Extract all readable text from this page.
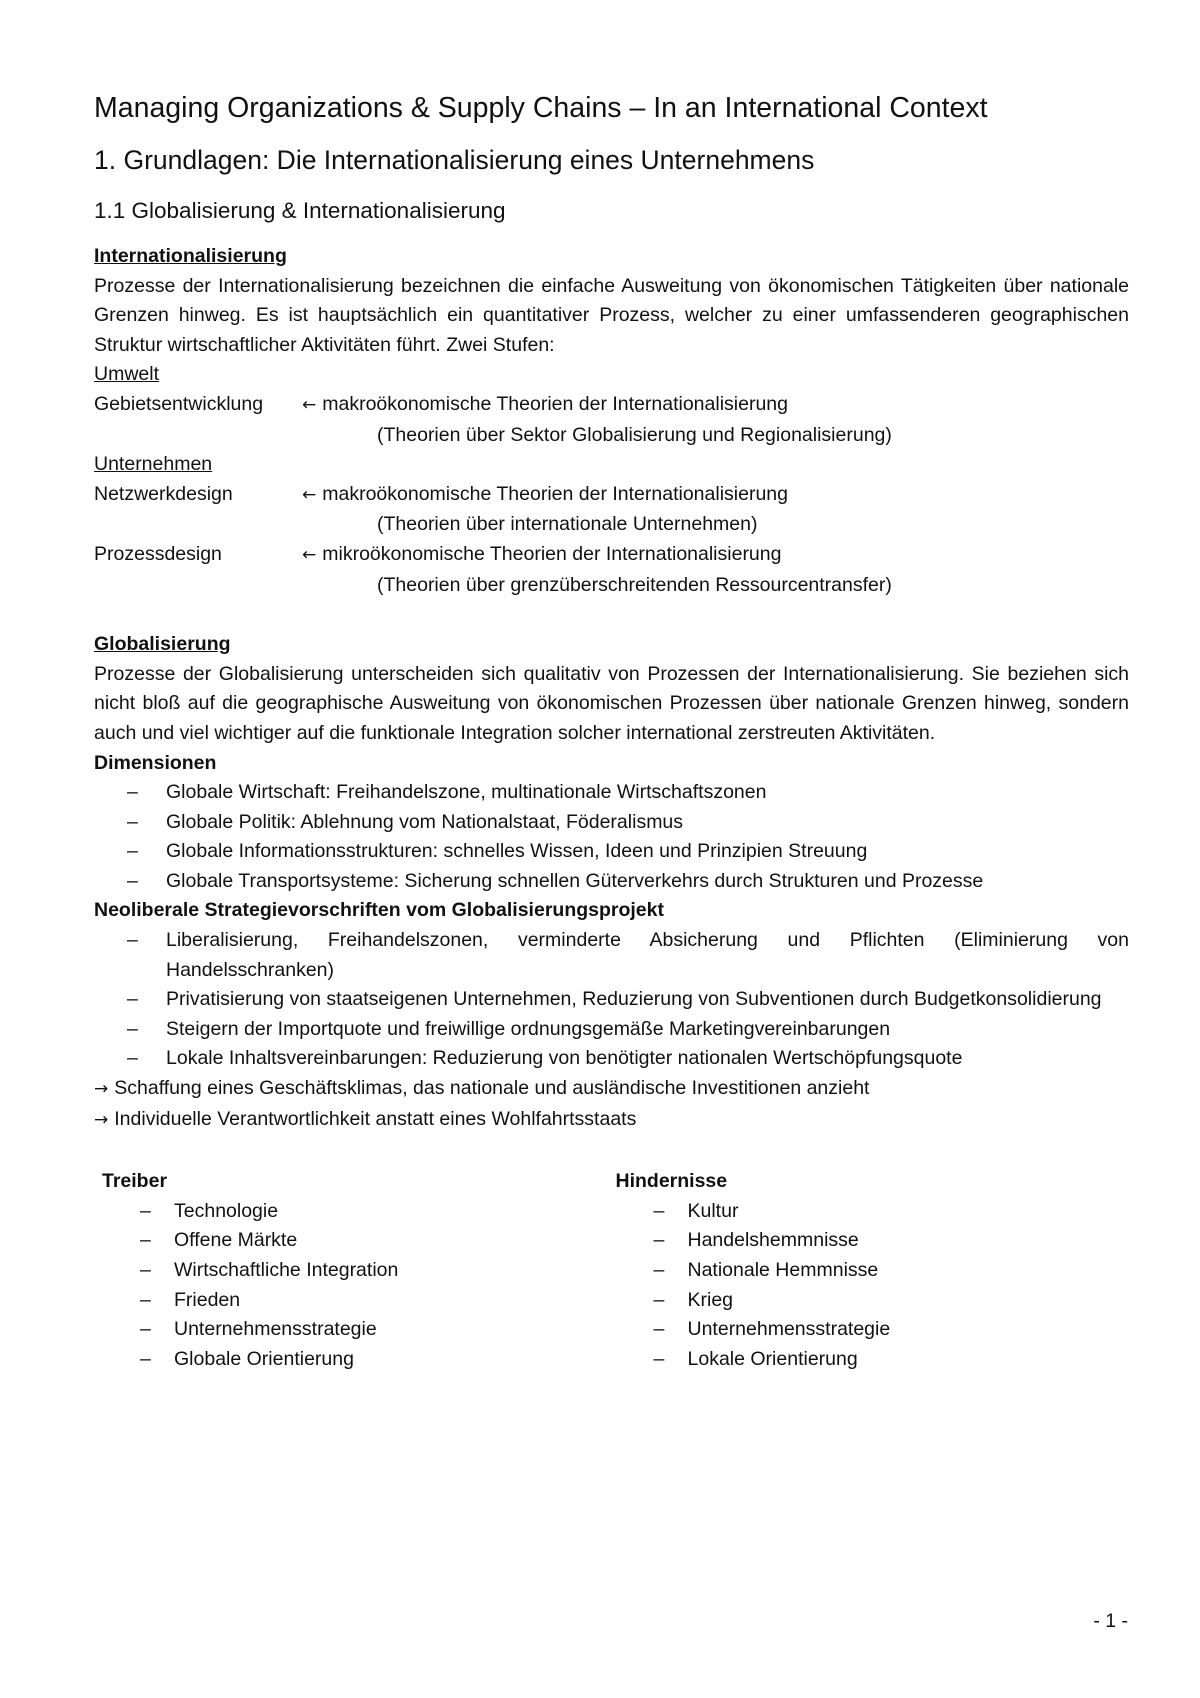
Managing Organizations & Supply Chains – In an International Context
1. Grundlagen: Die Internationalisierung eines Unternehmens
1.1 Globalisierung & Internationalisierung
Internationalisierung
Prozesse der Internationalisierung bezeichnen die einfache Ausweitung von ökonomischen Tätigkeiten über nationale Grenzen hinweg. Es ist hauptsächlich ein quantitativer Prozess, welcher zu einer umfassenderen geographischen Struktur wirtschaftlicher Aktivitäten führt. Zwei Stufen:
Umwelt
Gebietsentwicklung	← makroökonomische Theorien der Internationalisierung
(Theorien über Sektor Globalisierung und Regionalisierung)
Unternehmen
Netzwerkdesign	← makroökonomische Theorien der Internationalisierung
(Theorien über internationale Unternehmen)
Prozessdesign	← mikroökonomische Theorien der Internationalisierung
(Theorien über grenzüberschreitenden Ressourcentransfer)
Globalisierung
Prozesse der Globalisierung unterscheiden sich qualitativ von Prozessen der Internationalisierung. Sie beziehen sich nicht bloß auf die geographische Ausweitung von ökonomischen Prozessen über nationale Grenzen hinweg, sondern auch und viel wichtiger auf die funktionale Integration solcher international zerstreuten Aktivitäten.
Dimensionen
– Globale Wirtschaft: Freihandelszone, multinationale Wirtschaftszonen
– Globale Politik: Ablehnung vom Nationalstaat, Föderalismus
– Globale Informationsstrukturen: schnelles Wissen, Ideen und Prinzipien Streuung
– Globale Transportsysteme: Sicherung schnellen Güterverkehrs durch Strukturen und Prozesse
Neoliberale Strategievorschriften vom Globalisierungsprojekt
– Liberalisierung, Freihandelszonen, verminderte Absicherung und Pflichten (Eliminierung von Handelsschranken)
– Privatisierung von staatseigenen Unternehmen, Reduzierung von Subventionen durch Budgetkonsolidierung
– Steigern der Importquote und freiwillige ordnungsgemäße Marketingvereinbarungen
– Lokale Inhaltsvereinbarungen: Reduzierung von benötigter nationalen Wertschöpfungsquote
→ Schaffung eines Geschäftsklimas, das nationale und ausländische Investitionen anzieht
→ Individuelle Verantwortlichkeit anstatt eines Wohlfahrtsstaats
Treiber
– Technologie
– Offene Märkte
– Wirtschaftliche Integration
– Frieden
– Unternehmensstrategie
– Globale Orientierung
Hindernisse
– Kultur
– Handelshemmnisse
– Nationale Hemmnisse
– Krieg
– Unternehmensstrategie
– Lokale Orientierung
- 1 -
